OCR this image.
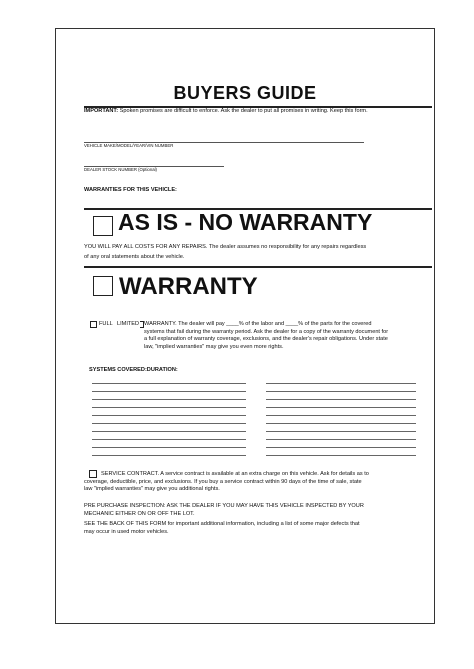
BUYERS GUIDE
IMPORTANT: Spoken promises are difficult to enforce. Ask the dealer to put all promises in writing. Keep this form.
VEHICLE MAKE/MODEL/YEAR/VIN NUMBER
DEALER STOCK NUMBER (Optional)
WARRANTIES FOR THIS VEHICLE:
AS IS - NO WARRANTY
YOU WILL PAY ALL COSTS FOR ANY REPAIRS. The dealer assumes no responsibility for any repairs regardless
of any oral statements about the vehicle.
WARRANTY
FULL LIMITED WARRANTY. The dealer will pay ____% of the labor and ____% of the parts for the covered
systems that fail during the warranty period. Ask the dealer for a copy of the warranty document for
a full explanation of warranty coverage, exclusions, and the dealer's repair obligations. Under state
law, "implied warranties" may give you even more rights.
SYSTEMS COVERED:DURATION:
SERVICE CONTRACT. A service contract is available at an extra charge on this vehicle. Ask for details as to
coverage, deductible, price, and exclusions. If you buy a service contract within 90 days of the time of sale, state
law "implied warranties" may give you additional rights.
PRE PURCHASE INSPECTION: ASK THE DEALER IF YOU MAY HAVE THIS VEHICLE INSPECTED BY YOUR
MECHANIC EITHER ON OR OFF THE LOT.
SEE THE BACK OF THIS FORM for important additional information, including a list of some major defects that
may occur in used motor vehicles.
